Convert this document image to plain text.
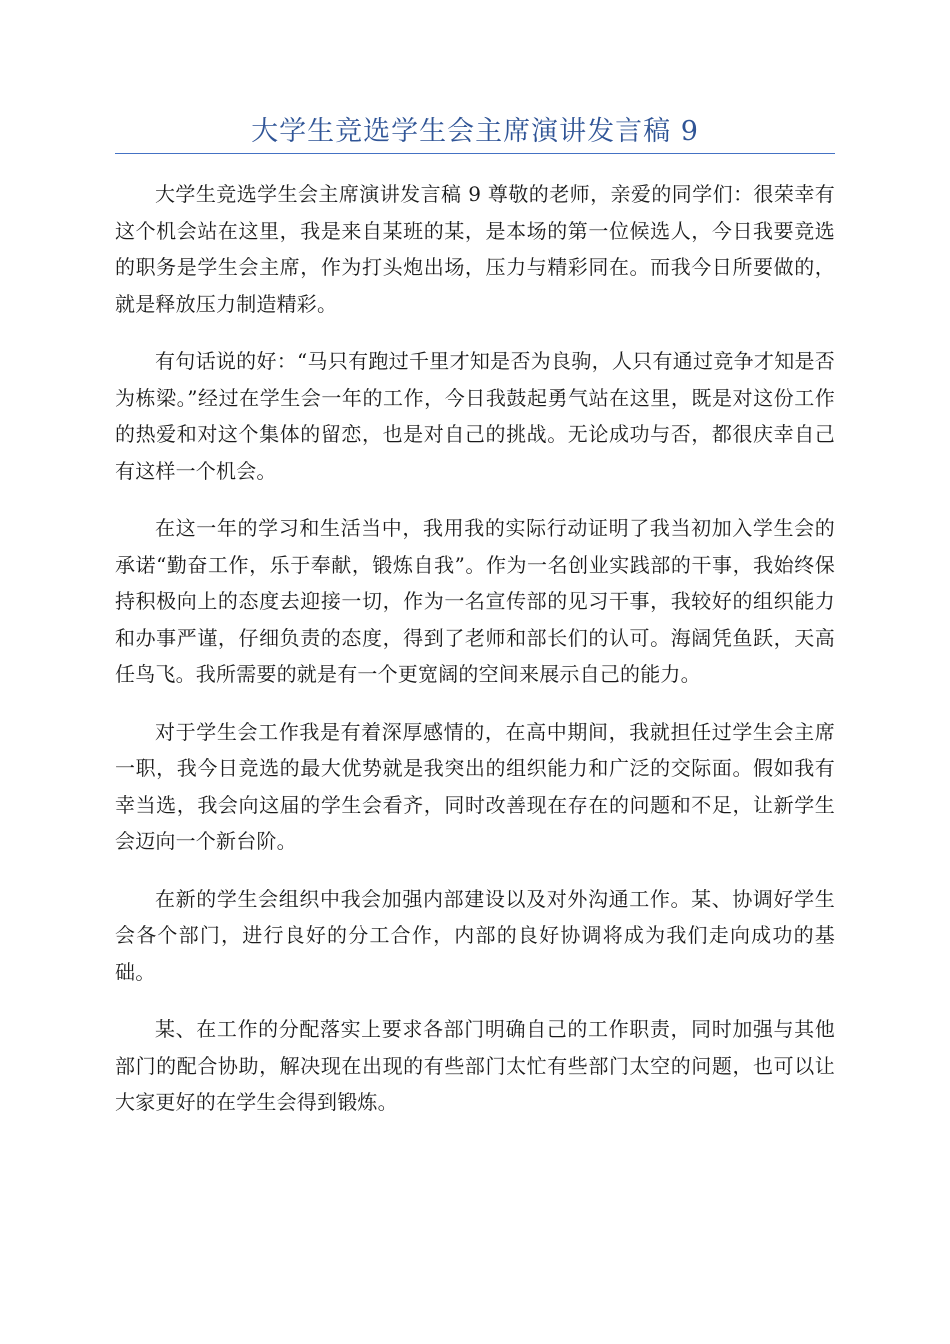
大学生竞选学生会主席演讲发言稿 9

大学生竞选学生会主席演讲发言稿 9 尊敬的老师，亲爱的同学们：很荣幸有这个机会站在这里，我是来自某班的某，是本场的第一位候选人，今日我要竞选的职务是学生会主席，作为打头炮出场，压力与精彩同在。而我今日所要做的，就是释放压力制造精彩。

有句话说的好：“马只有跑过千里才知是否为良驹，人只有通过竞争才知是否为栋梁。”经过在学生会一年的工作，今日我鼓起勇气站在这里，既是对这份工作的热爱和对这个集体的留恋，也是对自己的挑战。无论成功与否，都很庆幸自己有这样一个机会。

在这一年的学习和生活当中，我用我的实际行动证明了我当初加入学生会的承诺“勤奋工作，乐于奉献，锻炼自我”。作为一名创业实践部的干事，我始终保持积极向上的态度去迎接一切，作为一名宣传部的见习干事，我较好的组织能力和办事严谨，仔细负责的态度，得到了老师和部长们的认可。海阔凭鱼跃，天高任鸟飞。我所需要的就是有一个更宽阔的空间来展示自己的能力。

对于学生会工作我是有着深厚感情的，在高中期间，我就担任过学生会主席一职，我今日竞选的最大优势就是我突出的组织能力和广泛的交际面。假如我有幸当选，我会向这届的学生会看齐，同时改善现在存在的问题和不足，让新学生会迈向一个新台阶。

在新的学生会组织中我会加强内部建设以及对外沟通工作。某、协调好学生会各个部门，进行良好的分工合作，内部的良好协调将成为我们走向成功的基础。

某、在工作的分配落实上要求各部门明确自己的工作职责，同时加强与其他部门的配合协助，解决现在出现的有些部门太忙有些部门太空的问题，也可以让大家更好的在学生会得到锻炼。
